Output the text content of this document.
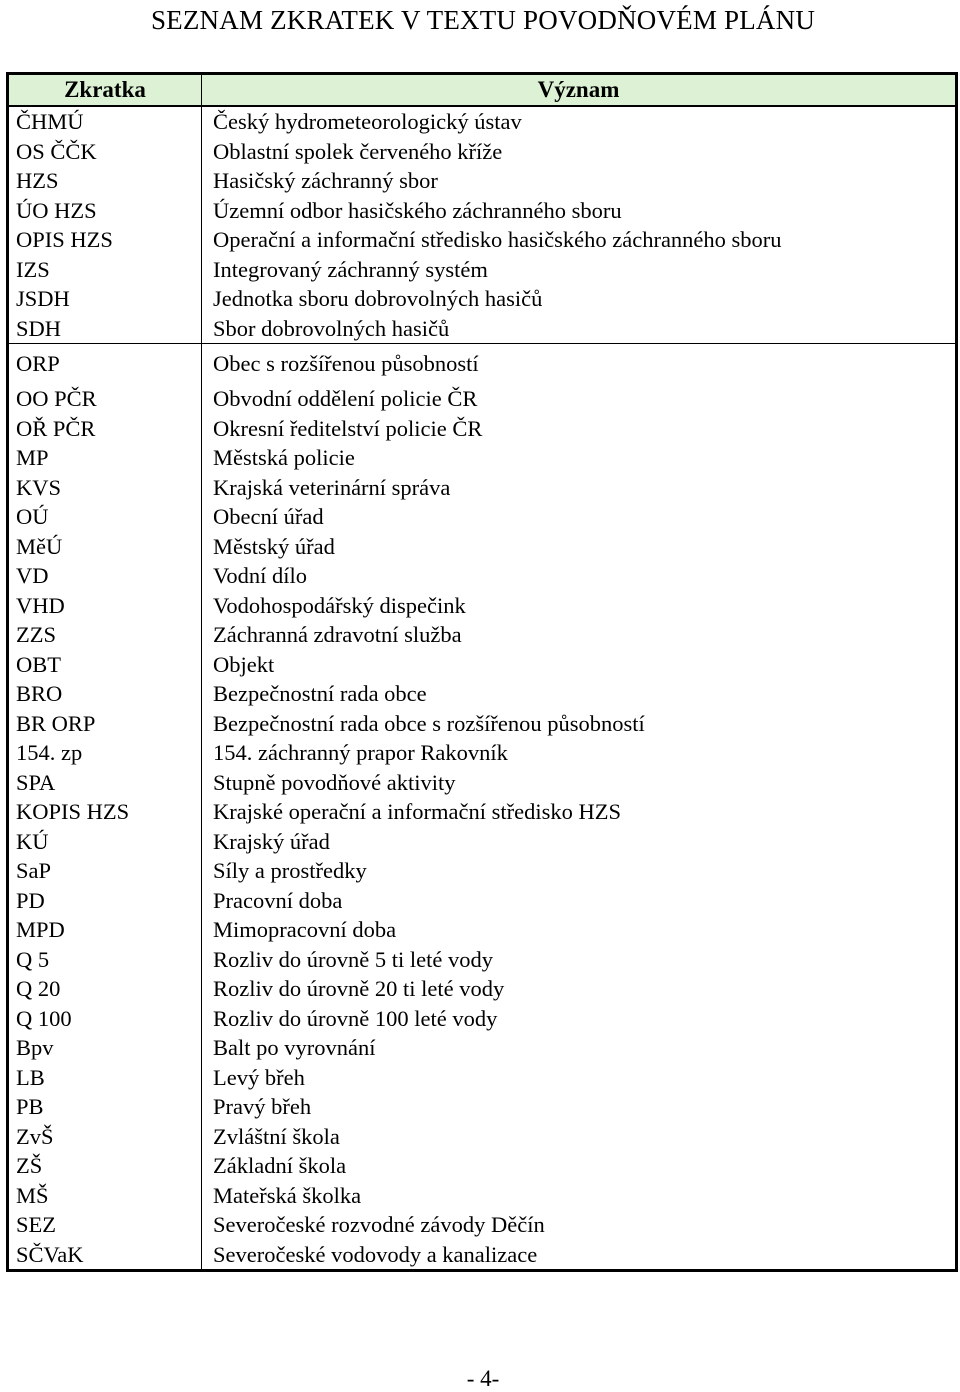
SEZNAM ZKRATEK V TEXTU POVODŇOVÉM PLÁNU
Zkratka	Význam
ČHMÚ	Český hydrometeorologický ústav
OS ČČK	Oblastní spolek červeného kříže
HZS	Hasičský záchranný sbor
ÚO HZS	Územní odbor hasičského záchranného sboru
OPIS HZS	Operační a informační středisko hasičského záchranného sboru
IZS	Integrovaný záchranný systém
JSDH	Jednotka sboru dobrovolných hasičů
SDH	Sbor dobrovolných hasičů
ORP	Obec s rozšířenou působností
OO PČR	Obvodní oddělení policie ČR
OŘ PČR	Okresní ředitelství policie ČR
MP	Městská policie
KVS	Krajská veterinární správa
OÚ	Obecní úřad
MěÚ	Městský úřad
VD	Vodní dílo
VHD	Vodohospodářský dispečink
ZZS	Záchranná zdravotní služba
OBT	Objekt
BRO	Bezpečnostní rada obce
BR ORP	Bezpečnostní rada obce s rozšířenou působností
154. zp	154. záchranný prapor Rakovník
SPA	Stupně povodňové aktivity
KOPIS HZS	Krajské operační a informační středisko HZS
KÚ	Krajský úřad
SaP	Síly a prostředky
PD	Pracovní doba
MPD	Mimopracovní doba
Q 5	Rozliv do úrovně 5 ti leté vody
Q 20	Rozliv do úrovně 20 ti leté vody
Q 100	Rozliv do úrovně 100 leté vody
Bpv	Balt po vyrovnání
LB	Levý břeh
PB	Pravý břeh
ZvŠ	Zvláštní škola
ZŠ	Základní škola
MŠ	Mateřská školka
SEZ	Severočeské rozvodné závody Děčín
SČVaK	Severočeské vodovody a kanalizace
- 4-
